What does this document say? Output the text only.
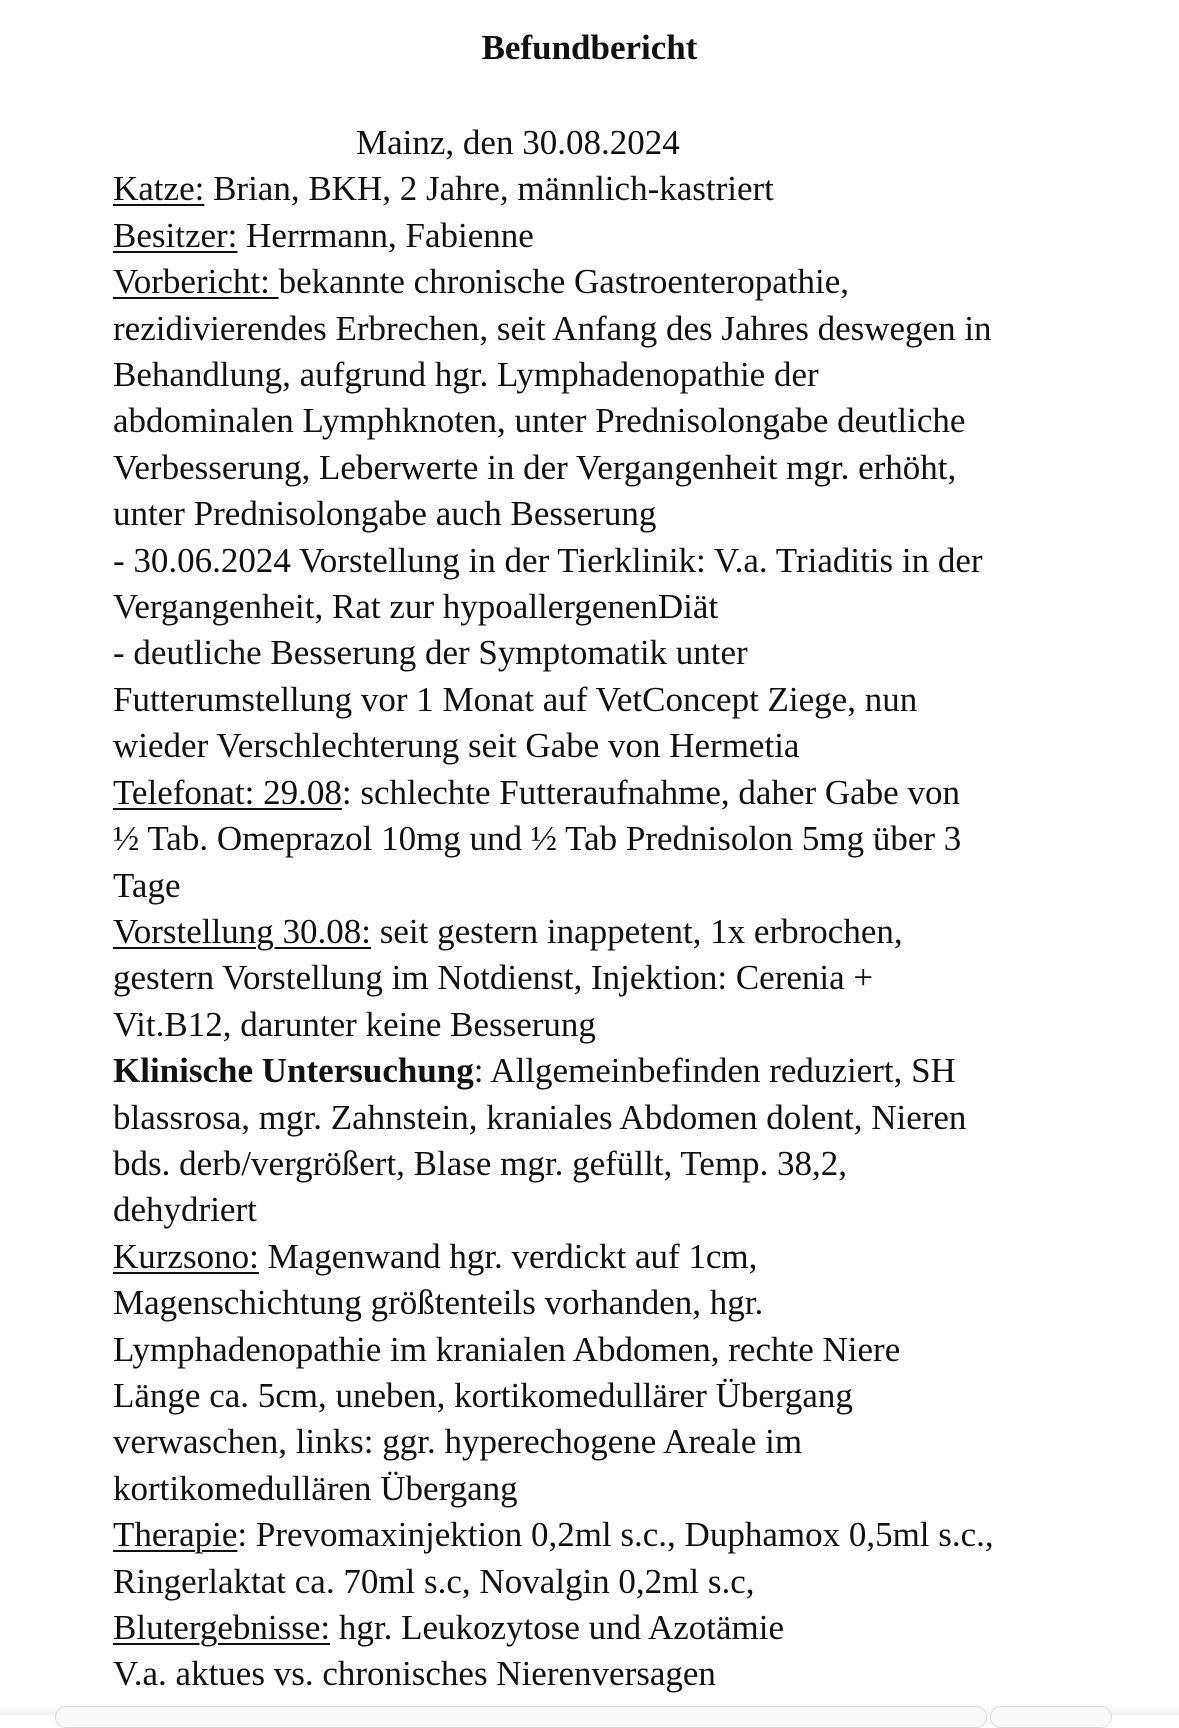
Befundbericht
Mainz, den 30.08.2024
Katze: Brian, BKH, 2 Jahre, männlich-kastriert
Besitzer: Herrmann, Fabienne
Vorbericht: bekannte chronische Gastroenteropathie,
rezidivierendes Erbrechen, seit Anfang des Jahres deswegen in
Behandlung, aufgrund hgr. Lymphadenopathie der
abdominalen Lymphknoten, unter Prednisolongabe deutliche
Verbesserung, Leberwerte in der Vergangenheit mgr. erhöht,
unter Prednisolongabe auch Besserung
- 30.06.2024 Vorstellung in der Tierklinik: V.a. Triaditis in der
Vergangenheit, Rat zur hypoallergenenDiät
- deutliche Besserung der Symptomatik unter
Futterumstellung vor 1 Monat auf VetConcept Ziege, nun
wieder Verschlechterung seit Gabe von Hermetia
Telefonat: 29.08: schlechte Futteraufnahme, daher Gabe von
½ Tab. Omeprazol 10mg und ½ Tab Prednisolon 5mg über 3
Tage
Vorstellung 30.08: seit gestern inappetent, 1x erbrochen,
gestern Vorstellung im Notdienst, Injektion: Cerenia +
Vit.B12, darunter keine Besserung
Klinische Untersuchung: Allgemeinbefinden reduziert, SH
blassrosa, mgr. Zahnstein, kraniales Abdomen dolent, Nieren
bds. derb/vergrößert, Blase mgr. gefüllt, Temp. 38,2,
dehydriert
Kurzsono: Magenwand hgr. verdickt auf 1cm,
Magenschichtung größtenteils vorhanden, hgr.
Lymphadenopathie im kranialen Abdomen, rechte Niere
Länge ca. 5cm, uneben, kortikomedullärer Übergang
verwaschen, links: ggr. hyperechogene Areale im
kortikomedullären Übergang
Therapie: Prevomaxinjektion 0,2ml s.c., Duphamox 0,5ml s.c.,
Ringerlaktat ca. 70ml s.c, Novalgin 0,2ml s.c,
Blutergebnisse: hgr. Leukozytose und Azotämie
V.a. aktues vs. chronisches Nierenversagen
